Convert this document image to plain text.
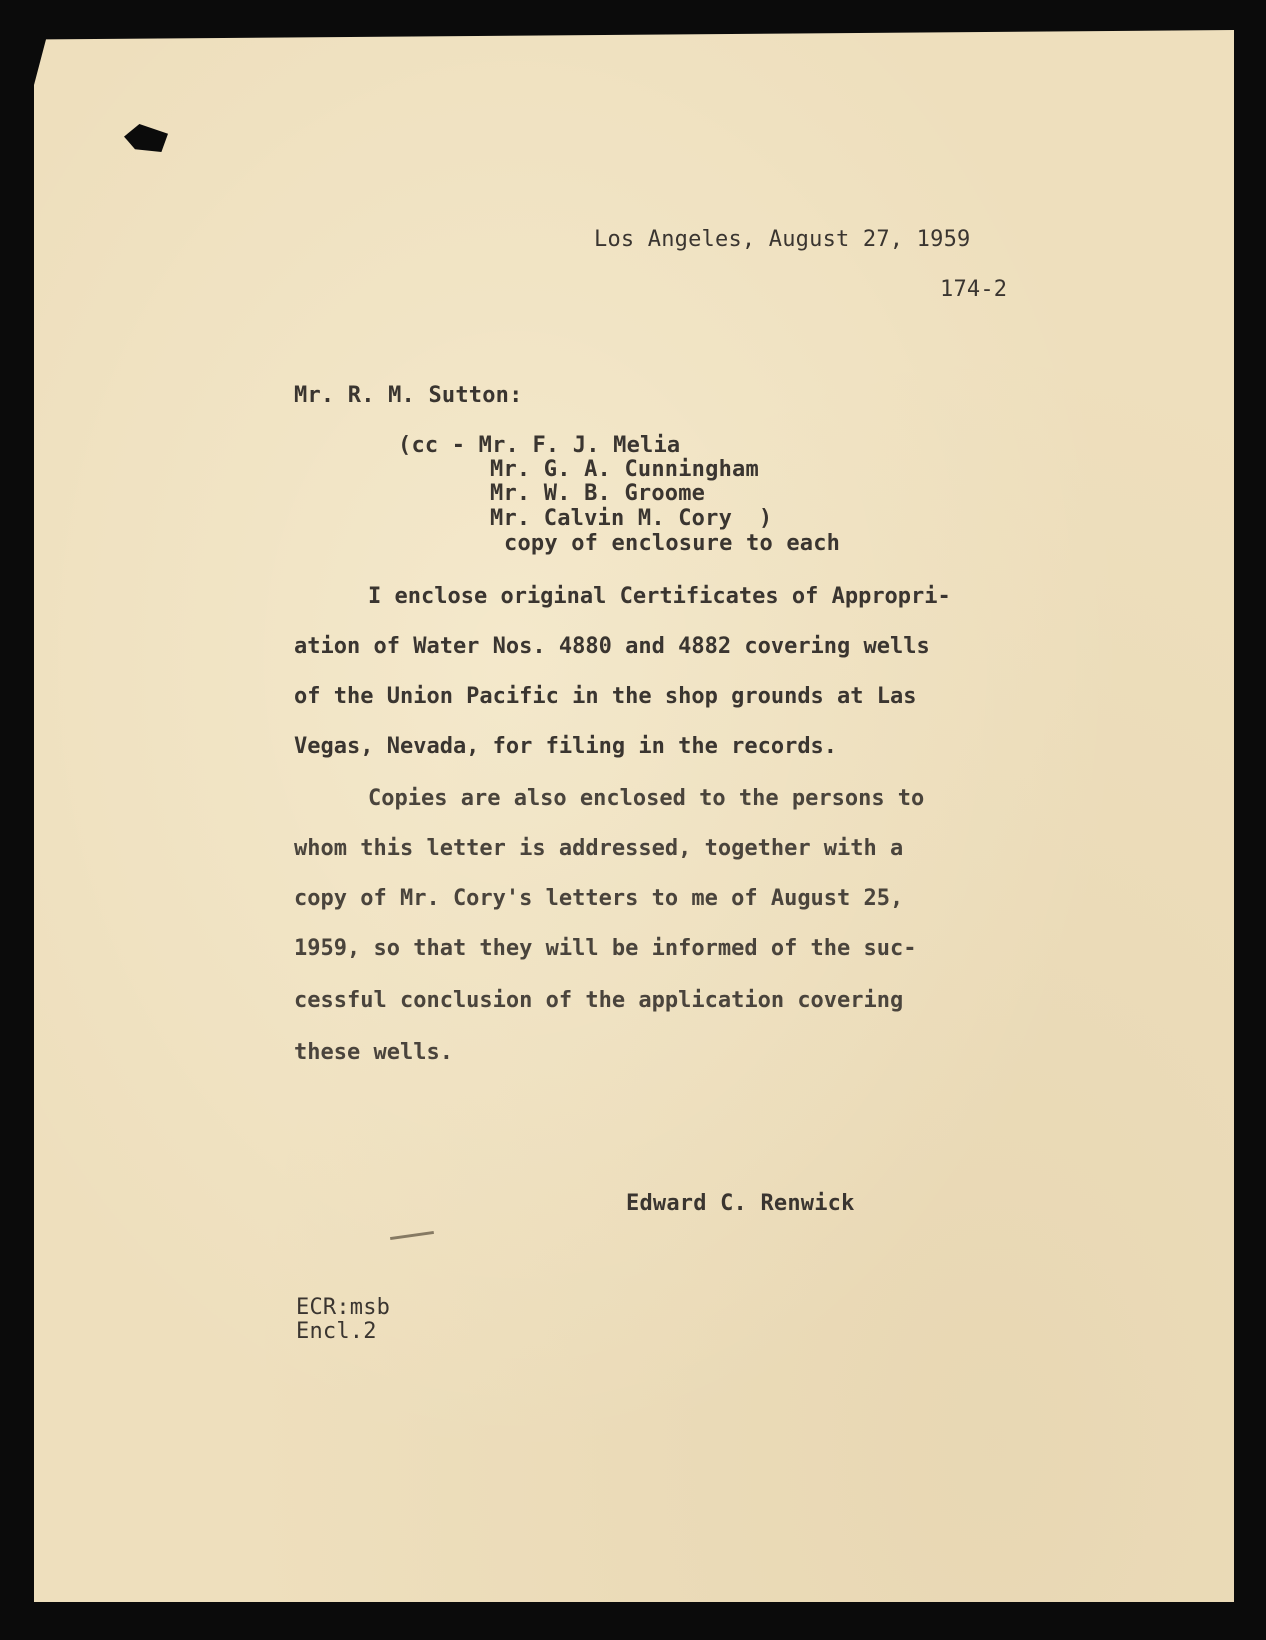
Los Angeles, August 27, 1959
174-2
Mr. R. M. Sutton:
(cc - Mr. F. J. Melia
Mr. G. A. Cunningham
Mr. W. B. Groome
Mr. Calvin M. Cory  )
copy of enclosure to each
I enclose original Certificates of Appropri-
ation of Water Nos. 4880 and 4882 covering wells
of the Union Pacific in the shop grounds at Las
Vegas, Nevada, for filing in the records.
Copies are also enclosed to the persons to
whom this letter is addressed, together with a
copy of Mr. Cory's letters to me of August 25,
1959, so that they will be informed of the suc-
cessful conclusion of the application covering
these wells.
Edward C. Renwick
ECR:msb
Encl.2
